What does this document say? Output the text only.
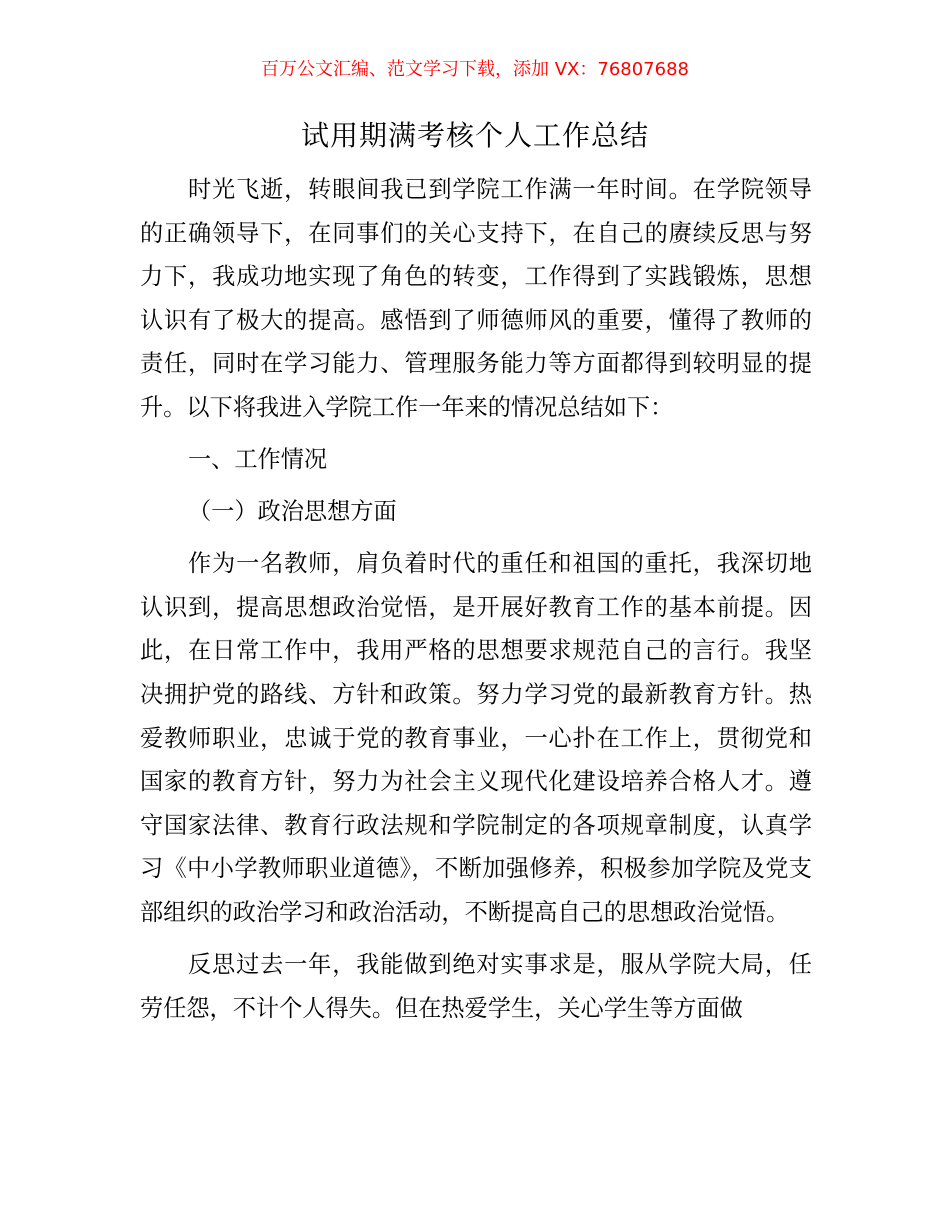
百万公文汇编、范文学习下载，添加 VX：76807688
试用期满考核个人工作总结

时光飞逝，转眼间我已到学院工作满一年时间。在学院领导的正确领导下，在同事们的关心支持下，在自己的赓续反思与努力下，我成功地实现了角色的转变，工作得到了实践锻炼，思想认识有了极大的提高。感悟到了师德师风的重要，懂得了教师的责任，同时在学习能力、管理服务能力等方面都得到较明显的提升。以下将我进入学院工作一年来的情况总结如下：

一、工作情况

（一）政治思想方面

作为一名教师，肩负着时代的重任和祖国的重托，我深切地认识到，提高思想政治觉悟，是开展好教育工作的基本前提。因此，在日常工作中，我用严格的思想要求规范自己的言行。我坚决拥护党的路线、方针和政策。努力学习党的最新教育方针。热爱教师职业，忠诚于党的教育事业，一心扑在工作上，贯彻党和国家的教育方针，努力为社会主义现代化建设培养合格人才。遵守国家法律、教育行政法规和学院制定的各项规章制度，认真学习《中小学教师职业道德》，不断加强修养，积极参加学院及党支部组织的政治学习和政治活动，不断提高自己的思想政治觉悟。

反思过去一年，我能做到绝对实事求是，服从学院大局，任劳任怨，不计个人得失。但在热爱学生，关心学生等方面做
